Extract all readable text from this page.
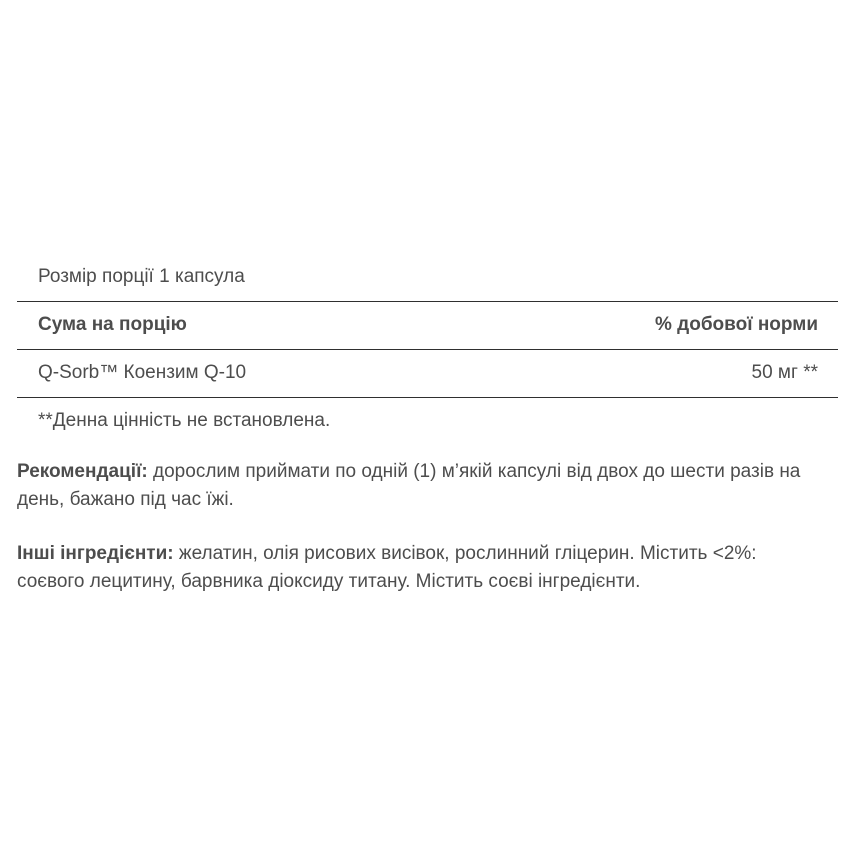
Розмір порції 1 капсула
Сума на порцію	% добової норми
Q-Sorb™ Коензим Q-10	50 мг **
**Денна цінність не встановлена.

Рекомендації: дорослим приймати по одній (1) м’якій капсулі від двох до шести разів на день, бажано під час їжі.

Інші інгредієнти: желатин, олія рисових висівок, рослинний гліцерин. Містить <2%: соєвого лецитину, барвника діоксиду титану. Містить соєві інгредієнти.
